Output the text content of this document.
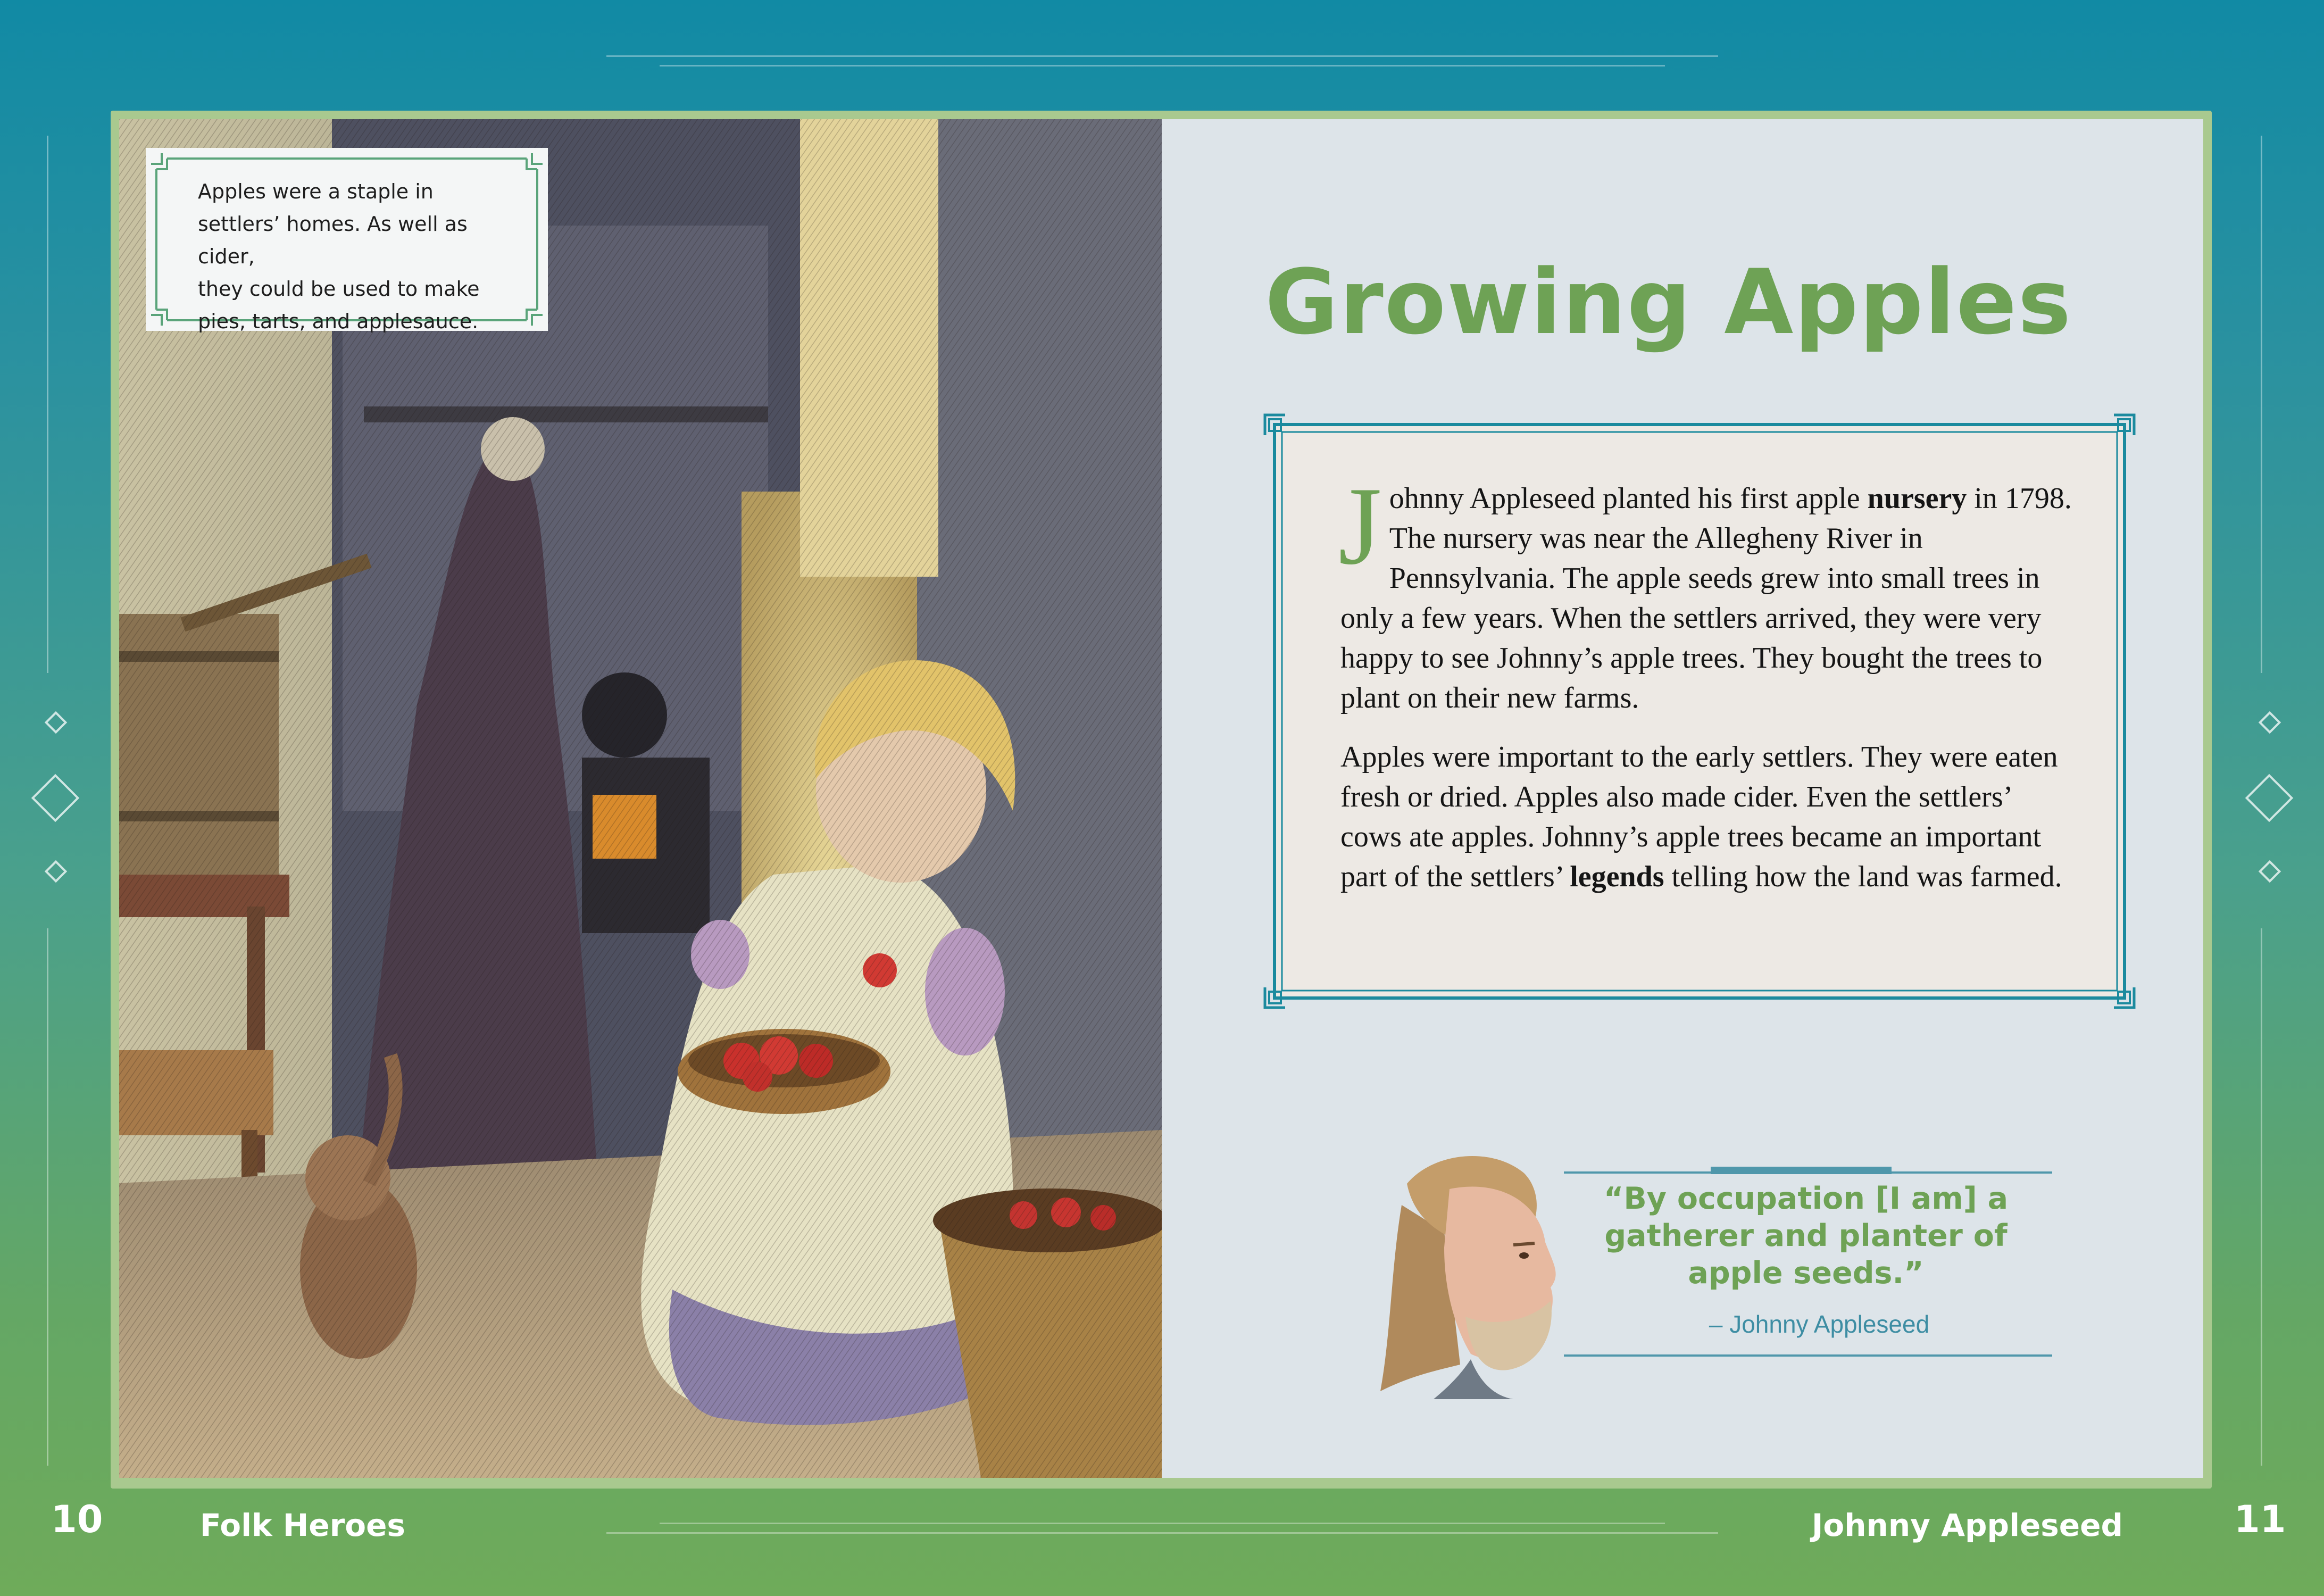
Apples were a staple in
settlers’ homes. As well as cider,
they could be used to make
pies, tarts, and applesauce.	Growing Apples

Johnny Appleseed planted his first apple nursery in 1798. The nursery was near the Allegheny River in Pennsylvania. The apple seeds grew into small trees in only a few years. When the settlers arrived, they were very happy to see Johnny’s apple trees. They bought the trees to plant on their new farms.

Apples were important to the early settlers. They were eaten fresh or dried. Apples also made cider. Even the settlers’ cows ate apples. Johnny’s apple trees became an important part of the settlers’ legends telling how the land was farmed.

“By occupation [I am] a gatherer and planter of apple seeds.”
– Johnny Appleseed
10	Folk Heroes	Johnny Appleseed	11
